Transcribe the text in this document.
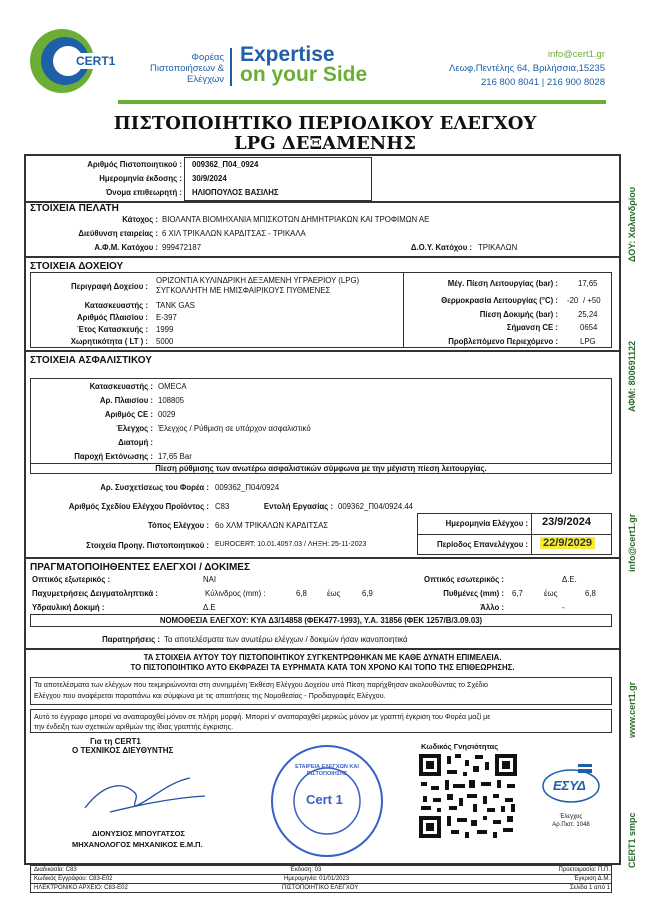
CERT1	Φορέας Πιστοποιήσεων & Ελέγχων
Expertise
on your Side
info@cert1.gr
Λεωφ.Πεντέλης 64, Βριλήσσια,15235
216 800 8041 | 216 900 8028
ΠΙΣΤΟΠΟΙΗΤΙΚΟ ΠΕΡΙΟΔΙΚΟΥ ΕΛΕΓΧΟΥ
LPG ΔΕΞΑΜΕΝΗΣ
Αριθμός Πιστοποιητικού : 009362_Π04_0924
Ημερομηνία έκδοσης : 30/9/2024
Όνομα επιθεωρητή : ΗΛΙΟΠΟΥΛΟΣ ΒΑΣΙΛΗΣ
ΣΤΟΙΧΕΙΑ ΠΕΛΑΤΗ
Κάτοχος : ΒΙΟΛΑΝΤΑ ΒΙΟΜΗΧΑΝΙΑ ΜΠΙΣΚΟΤΩΝ ΔΗΜΗΤΡΙΑΚΩΝ ΚΑΙ ΤΡΟΦΙΜΩΝ ΑΕ
Διεύθυνση εταιρείας : 6 ΧΙΛ ΤΡΙΚΑΛΩΝ ΚΑΡΔΙΤΣΑΣ - ΤΡΙΚΑΛΑ
Α.Φ.Μ. Κατόχου : 999472187	Δ.Ο.Υ. Κατόχου : ΤΡΙΚΑΛΩΝ
ΣΤΟΙΧΕΙΑ ΔΟΧΕΙΟΥ
Περιγραφή Δοχείου :
ΟΡΙΖΟΝΤΙΑ ΚΥΛΙΝΔΡΙΚΗ ΔΕΞΑΜΕΝΗ ΥΓΡΑΕΡΙΟΥ (LPG)
ΣΥΓΚΟΛΛΗΤΗ ΜΕ ΗΜΙΣΦΑΙΡΙΚΟΥΣ ΠΥΘΜΕΝΕΣ
Κατασκευαστής : TANK GAS
Αριθμός Πλαισίου : E-397
Έτος Κατασκευής : 1999
Χωρητικότητα ( LT ) : 5000
Μέγ. Πίεση Λειτουργίας (bar) :	17,65
Θερμοκρασία Λειτουργίας (°C) : -20 / +50
Πίεση Δοκιμής (bar) :	25,24
Σήμανση CE :	0654
Προβλεπόμενο Περιεχόμενο :	LPG
ΣΤΟΙΧΕΙΑ ΑΣΦΑΛΙΣΤΙΚΟΥ
Κατασκευαστής : OMECA
Αρ. Πλαισίου : 108805
Αριθμός CE : 0029
Έλεγχος : Έλεγχος / Ρύθμιση σε υπάρχον ασφαλιστικό
Διατομή :
Παροχή Εκτόνωσης : 17,65 Bar
Πίεση ρύθμισης των ανωτέρω ασφαλιστικών σύμφωνα με την μέγιστη πίεση λειτουργίας.
Αρ. Συσχετίσεως του Φορέα : 009362_Π04/0924
Αριθμός Σχεδίου Ελέγχου Προϊόντος : C83	Εντολή Εργασίας : 009362_Π04/0924.44
Τόπος Ελέγχου : 6ο ΧΛΜ ΤΡΙΚΑΛΩΝ ΚΑΡΔΙΤΣΑΣ
Στοιχεία Προηγ. Πιστοποιητικού : EUROCERT: 10.01.4057.03 / ΛΗΞΗ: 25-11-2023
Ημερομηνία Ελέγχου : 23/9/2024
Περίοδος Επανελέγχου : 22/9/2029
ΠΡΑΓΜΑΤΟΠΟΙΗΘΕΝΤΕΣ ΕΛΕΓΧΟΙ / ΔΟΚΙΜΕΣ
Οπτικός εξωτερικός :	ΝΑΙ	Οπτικός εσωτερικός :	Δ.Ε.
Παχυμετρήσεις Δειγματοληπτικά :	Κύλινδρος (mm) :	6,8	έως	6,9	Πυθμένες (mm) : 6,7	έως	6,8
Υδραυλική Δοκιμή :	Δ.Ε	Άλλο :	-
ΝΟΜΟΘΕΣΙΑ ΕΛΕΓΧΟΥ: ΚΥΑ Δ3/14858 (ΦΕΚ477-1993), Υ.Α. 31856 (ΦΕΚ 1257/Β/3.09.03)
Παρατηρήσεις : Τα αποτελέσματα των ανωτέρω ελέγχων / δοκιμών ήσαν ικανοποιητικά
ΤΑ ΣΤΟΙΧΕΙΑ ΑΥΤΟΥ ΤΟΥ ΠΙΣΤΟΠΟΙΗΤΙΚΟΥ ΣΥΓΚΕΝΤΡΩΘΗΚΑΝ ΜΕ ΚΑΘΕ ΔΥΝΑΤΗ ΕΠΙΜΕΛΕΙΑ.
ΤΟ ΠΙΣΤΟΠΟΙΗΤΙΚΟ ΑΥΤΟ ΕΚΦΡΑΖΕΙ ΤΑ ΕΥΡΗΜΑΤΑ ΚΑΤΑ ΤΟΝ ΧΡΟΝΟ ΚΑΙ ΤΟΠΟ ΤΗΣ ΕΠΙΘΕΩΡΗΣΗΣ.
Τα αποτελέσματα των ελέγχων που τεκμηριώνονται στη συνημμένη Έκθεση Ελέγχου Δοχείου υπό Πίεση παρήχθησαν ακολουθώντας το Σχέδιο
Ελέγχου που αναφέρεται παραπάνω και σύμφωνα με τις απαιτήσεις της Νομοθεσίας - Προδιαγραφές Ελέγχου.
Αυτό το έγγραφο μπορεί να αναπαραχθεί μόνον σε πλήρη μορφή. Μπορεί ν' αναπαραχθεί μερικώς μόνον με γραπτή έγκριση του Φορέα μαζί με
την ένδειξη των σχετικών αριθμών της ίδιας γραπτής έγκρισης.
Για τη CERT1
Ο ΤΕΧΝΙΚΟΣ ΔΙΕΥΘΥΝΤΗΣ
ΔΙΟΝΥΣΙΟΣ ΜΠΟΥΓΑΤΣΟΣ
ΜΗΧΑΝΟΛΟΓΟΣ ΜΗΧΑΝΙΚΟΣ Ε.Μ.Π.
Cert 1
ΕΤΑΙΡΕΙΑ ΕΛΕΓΧΩΝ ΚΑΙ ΠΙΣΤΟΠΟΙΗΣΗΣ
Κωδικός Γνησιότητας
ΕΣΥΔ
Έλεγχος
Αρ.Πιστ. 1048
ΔΟΥ: Χαλανδρίου
ΑΦΜ: 800691122
info@cert1.gr
www.cert1.gr
CERT1 smpc
Διαδικασία: C83
Κωδικός Εγγράφου: C83-E02
ΗΛΕΚΤΡΟΝΙΚΟ ΑΡΧΕΙΟ: C83-E02
Έκδοση: 03
Ημερομηνία: 01/01/2023
ΠΙΣΤΟΠΟΙΗΤΙΚΟ ΕΛΕΓΧΟΥ
Προετοιμασία: Π.Π.
Έγκριση Δ.Μ.
Σελίδα 1 από 1
